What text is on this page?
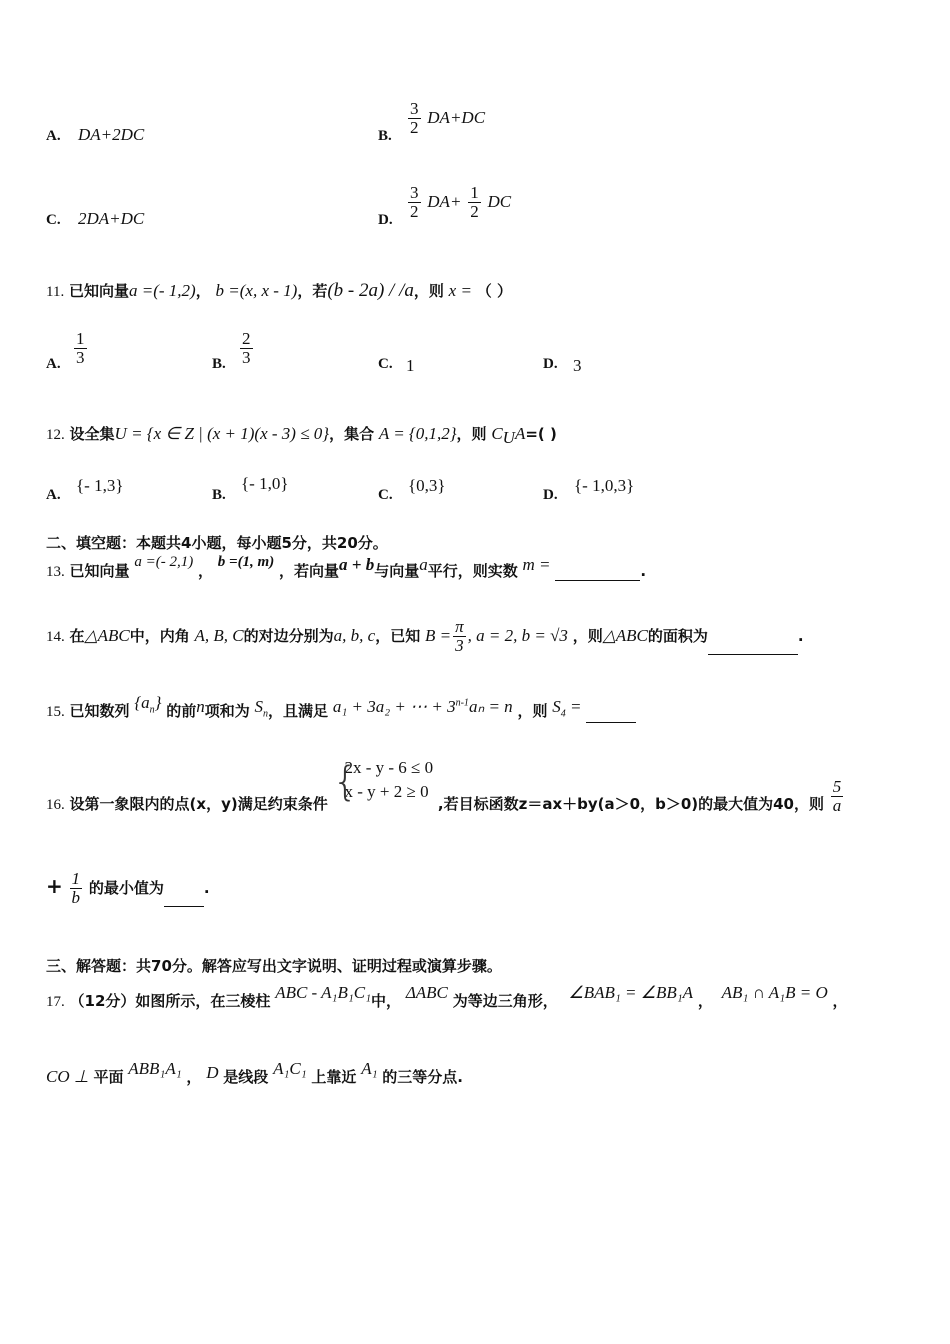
A. DA+2DC	B. $\frac{3}{2} DA+DC$
C. 2DA+DC	D. $\frac{3}{2} DA+ \frac{1}{2}$ DC
11. 已知向量a =(- 1,2)， b =(x, x - 1)，若(b - 2a) / /a，则 x = （ ）
A. $\frac{1}{3}$	B. $\frac{2}{3}$	C. 1	D. 3
12. 设全集U = {x ∈ Z | (x + 1)(x - 3) ≤ 0}，集合 A = {0,1,2}，则 $C_UA=$( )
A. {- 1,3}	B.
{- 1,0}
C. {0,3}	D. {- 1,0,3}
二、填空题：本题共4小题，每小题5分，共20分。
13. 已知向量 a =(- 2,1) ， b =(1, m) ，若向量a + b与向量a平行，则实数 m =	.
14. 在△ABC中，内角 A, B, C的对边分别为a, b, c，已知 $B = \frac{\pi}{3}$ , a = 2, b = √3 ，则△ABC的面积为	.
15. 已知数列 $\{a_n\}$ 的前n项和为 $S_n$，且满足 a₁ + 3a₂ + ⋯ + $3^{n-1}a_n = n$ ，则 $S_4$ =
16. 设第一象限内的点(x，y)满足约束条件 {
2x - y - 6 ≤ 0
x - y + 2 ≥ 0
,若目标函数z＝ax＋by(a＞0，b＞0)的最大值为40，则 $\frac{5}{a}$
+ $\frac{1}{b}$ 的最小值为	.
三、解答题：共70分。解答应写出文字说明、证明过程或演算步骤。
17. （12分）如图所示，在三棱柱 ABC - A₁B₁C₁中， ΔABC 为等边三角形， ∠BAB₁ = ∠BB₁A ， AB₁ ∩ A₁B = O ，
CO ⊥ 平面 ABB₁A₁ ， D 是线段 A₁C₁ 上靠近 A₁ 的三等分点.
